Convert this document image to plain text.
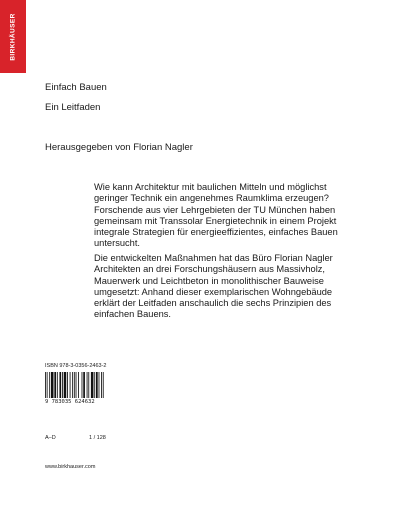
BIRKHÄUSER
Einfach Bauen
Ein Leitfaden
Herausgegeben von Florian Nagler
Wie kann Architektur mit baulichen Mitteln und möglichst
geringer Technik ein angenehmes Raumklima erzeugen?
Forschende aus vier Lehrgebieten der TU München haben
gemeinsam mit Transsolar Energietechnik in einem Projekt
integrale Strategien für energieeffizientes, einfaches Bauen
untersucht.
Die entwickelten Maßnahmen hat das Büro Florian Nagler
Architekten an drei Forschungshäusern aus Massivholz,
Mauerwerk und Leichtbeton in monolithischer Bauweise
umgesetzt: Anhand dieser exemplarischen Wohngebäude
erklärt der Leitfaden anschaulich die sechs Prinzipien des
einfachen Bauens.
ISBN 978-3-0356-2463-2
9 783035 624632
A–D	1 / 128
www.birkhauser.com
